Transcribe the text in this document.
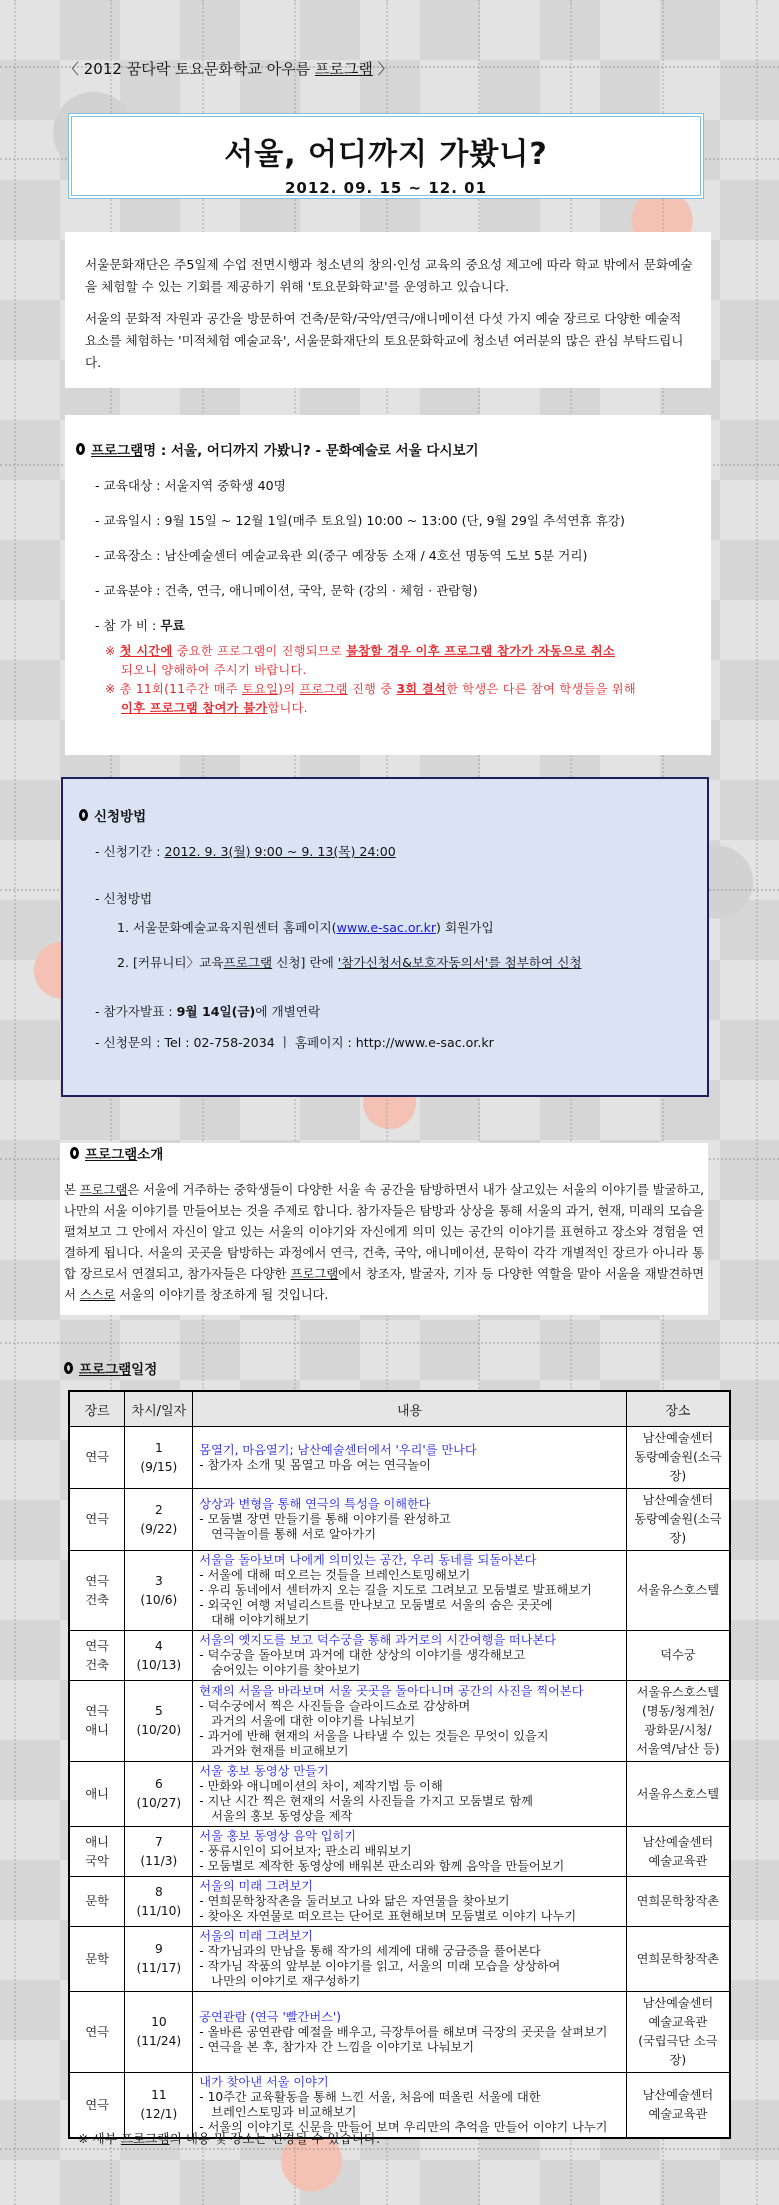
〈 2012 꿈다락 토요문화학교 아우름 프로그램 〉
서울, 어디까지 가봤니?
2012. 09. 15 ~ 12. 01

서울문화재단은 주5일제 수업 전면시행과 청소년의 창의·인성 교육의 중요성 제고에 따라 학교 밖에서 문화예술을 체험할 수 있는 기회를 제공하기 위해 '토요문화학교'를 운영하고 있습니다.

서울의 문화적 자원과 공간을 방문하여 건축/문학/국악/연극/애니메이션 다섯 가지 예술 장르로 다양한 예술적 요소를 체험하는 '미적체험 예술교육', 서울문화재단의 토요문화학교에 청소년 여러분의 많은 관심 부탁드립니다.

프로그램 명 : 서울, 어디까지 가봤니? - 문화예술로 서울 다시보기
- 교육대상 : 서울지역 중학생 40명
- 교육일시 : 9월 15일 ~ 12월 1일(매주 토요일) 10:00 ~ 13:00 (단, 9월 29일 추석연휴 휴강)
- 교육장소 : 남산예술센터 예술교육관 외(중구 예장동 소재 / 4호선 명동역 도보 5분 거리)
- 교육분야 : 건축, 연극, 애니메이션, 국악, 문학 (강의 · 체험 · 관람형)
- 참 가 비 : 무료
※ 첫 시간에 중요한 프로그램이 진행되므로 불참할 경우 이후 프로그램 참가가 자동으로 취소
되오니 양해하여 주시기 바랍니다.
※ 총 11회(11주간 매주 토요일)의 프로그램 진행 중 3회 결석한 학생은 다른 참여 학생들을 위해
이후 프로그램 참여가 불가합니다.
신청방법
- 신청기간 : 2012. 9. 3(월) 9:00 ~ 9. 13(목) 24:00
- 신청방법
1. 서울문화예술교육지원센터 홈페이지(www.e-sac.or.kr) 회원가입
2. [커뮤니티〉교육프로그램 신청] 란에 '참가신청서&보호자동의서'를 첨부하여 신청
- 참가자발표 : 9월 14일(금)에 개별연락
- 신청문의 : Tel : 02-758-2034 ㅣ 홈페이지 : http://www.e-sac.or.kr
프로그램 소개

본 프로그램은 서울에 거주하는 중학생들이 다양한 서울 속 공간을 탐방하면서 내가 살고있는 서울의 이야기를 발굴하고, 나만의 서울 이야기를 만들어보는 것을 주제로 합니다. 참가자들은 탐방과 상상을 통해 서울의 과거, 현재, 미래의 모습을 펼쳐보고 그 안에서 자신이 알고 있는 서울의 이야기와 자신에게 의미 있는 공간의 이야기를 표현하고 장소와 경험을 연결하게 됩니다. 서울의 곳곳을 탐방하는 과정에서 연극, 건축, 국악, 애니메이션, 문학이 각각 개별적인 장르가 아니라 통합 장르로서 연결되고, 참가자들은 다양한 프로그램에서 창조자, 발굴자, 기자 등 다양한 역할을 맡아 서울을 재발견하면서 스스로 서울의 이야기를 창조하게 될 것입니다.

프로그램 일정
장르	차시/일자	내용	장소

연극	1
(9/15)	몸열기, 마음열기; 남산예술센터에서 '우리'를 만나다
- 참가자 소개 및 몸열고 마음 여는 연극놀이	남산예술센터
동랑예술원(소극장)

연극	2
(9/22)	상상과 변형을 통해 연극의 특성을 이해한다
- 모둠별 장면 만들기를 통해 이야기를 완성하고
연극놀이를 통해 서로 알아가기	남산예술센터
동랑예술원(소극장)

연극
건축	3
(10/6)	서울을 돌아보며 나에게 의미있는 공간, 우리 동네를 되돌아본다
- 서울에 대해 떠오르는 것들을 브레인스토밍해보기
- 우리 동네에서 센터까지 오는 길을 지도로 그려보고 모둠별로 발표해보기
- 외국인 여행 저널리스트를 만나보고 모둠별로 서울의 숨은 곳곳에
대해 이야기해보기	서울유스호스텔

연극
건축	4
(10/13)	서울의 옛지도를 보고 덕수궁을 통해 과거로의 시간여행을 떠나본다
- 덕수궁을 돌아보며 과거에 대한 상상의 이야기를 생각해보고
숨어있는 이야기를 찾아보기	덕수궁

연극
애니	5
(10/20)	현재의 서울을 바라보며 서울 곳곳을 돌아다니며 공간의 사진을 찍어본다
- 덕수궁에서 찍은 사진들을 슬라이드쇼로 감상하며
과거의 서울에 대한 이야기를 나눠보기
- 과거에 반해 현재의 서울을 나타낼 수 있는 것들은 무엇이 있을지
과거와 현재를 비교해보기	서울유스호스텔
(명동/청계천/
광화문/시청/
서울역/남산 등)

애니	6
(10/27)	서울 홍보 동영상 만들기
- 만화와 애니메이션의 차이, 제작기법 등 이해
- 지난 시간 찍은 현재의 서울의 사진들을 가지고 모둠별로 함께
서울의 홍보 동영상을 제작	서울유스호스텔

애니
국악	7
(11/3)	서울 홍보 동영상 음악 입히기
- 풍류시인이 되어보자; 판소리 배워보기
- 모둠별로 제작한 동영상에 배워본 판소리와 함께 음악을 만들어보기	남산예술센터
예술교육관

문학	8
(11/10)	서울의 미래 그려보기
- 연희문학창작촌을 둘러보고 나와 닮은 자연물을 찾아보기
- 찾아온 자연물로 떠오르는 단어로 표현해보며 모둠별로 이야기 나누기	연희문학창작촌

문학	9
(11/17)	서울의 미래 그려보기
- 작가님과의 만남을 통해 작가의 세계에 대해 궁금증을 풀어본다
- 작가님 작품의 앞부분 이야기를 읽고, 서울의 미래 모습을 상상하여
나만의 이야기로 재구성하기	연희문학창작촌

연극	10
(11/24)	공연관람 (연극 '빨간버스')
- 올바른 공연관람 예절을 배우고, 극장투어를 해보며 극장의 곳곳을 살펴보기
- 연극을 본 후, 참가자 간 느낌을 이야기로 나눠보기	남산예술센터
예술교육관
(국립극단 소극장)

연극	11
(12/1)	내가 찾아낸 서울 이야기
- 10주간 교육활동을 통해 느낀 서울, 처음에 떠올린 서울에 대한
브레인스토밍과 비교해보기
- 서울의 이야기로 신문을 만들어 보며 우리만의 추억을 만들어 이야기 나누기	남산예술센터
예술교육관
※ 세부 프로그램의 내용 및 장소는 변경될 수 있습니다.
